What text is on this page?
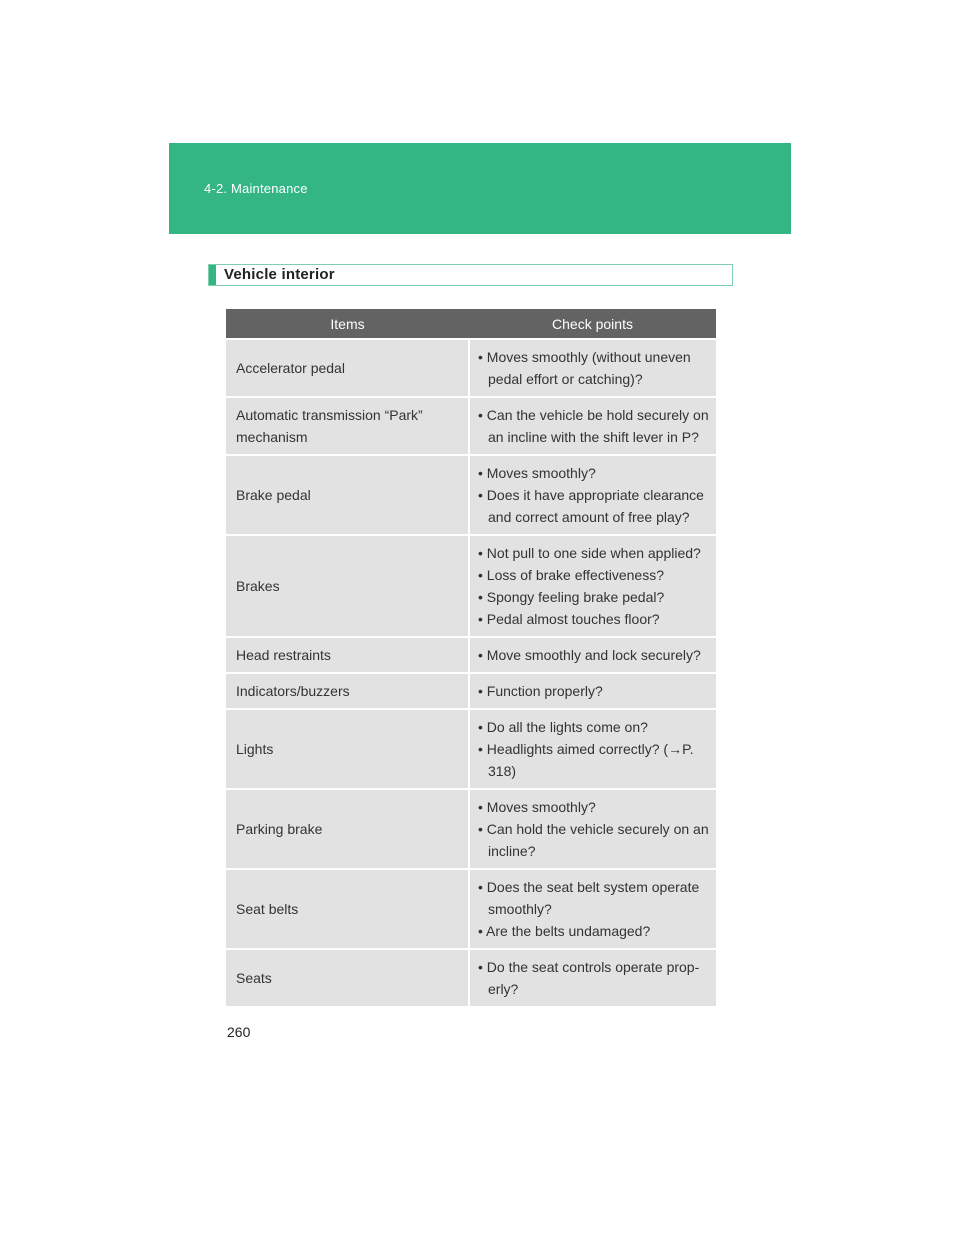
4-2. Maintenance
Vehicle interior
Items	Check points
Accelerator pedal	• Moves smoothly (without uneven pedal effort or catching)?

Automatic transmission “Park” mechanism	• Can the vehicle be hold securely on an incline with the shift lever in P?

Brake pedal	• Moves smoothly?
• Does it have appropriate clearance and correct amount of free play?

Brakes	• Not pull to one side when applied?
• Loss of brake effectiveness?
• Spongy feeling brake pedal?
• Pedal almost touches floor?

Head restraints	• Move smoothly and lock securely?

Indicators/buzzers	• Function properly?

Lights	• Do all the lights come on?
• Headlights aimed correctly? (→P. 318)

Parking brake	• Moves smoothly?
• Can hold the vehicle securely on an incline?

Seat belts	• Does the seat belt system operate smoothly?
• Are the belts undamaged?

Seats	• Do the seat controls operate prop-erly?
260
